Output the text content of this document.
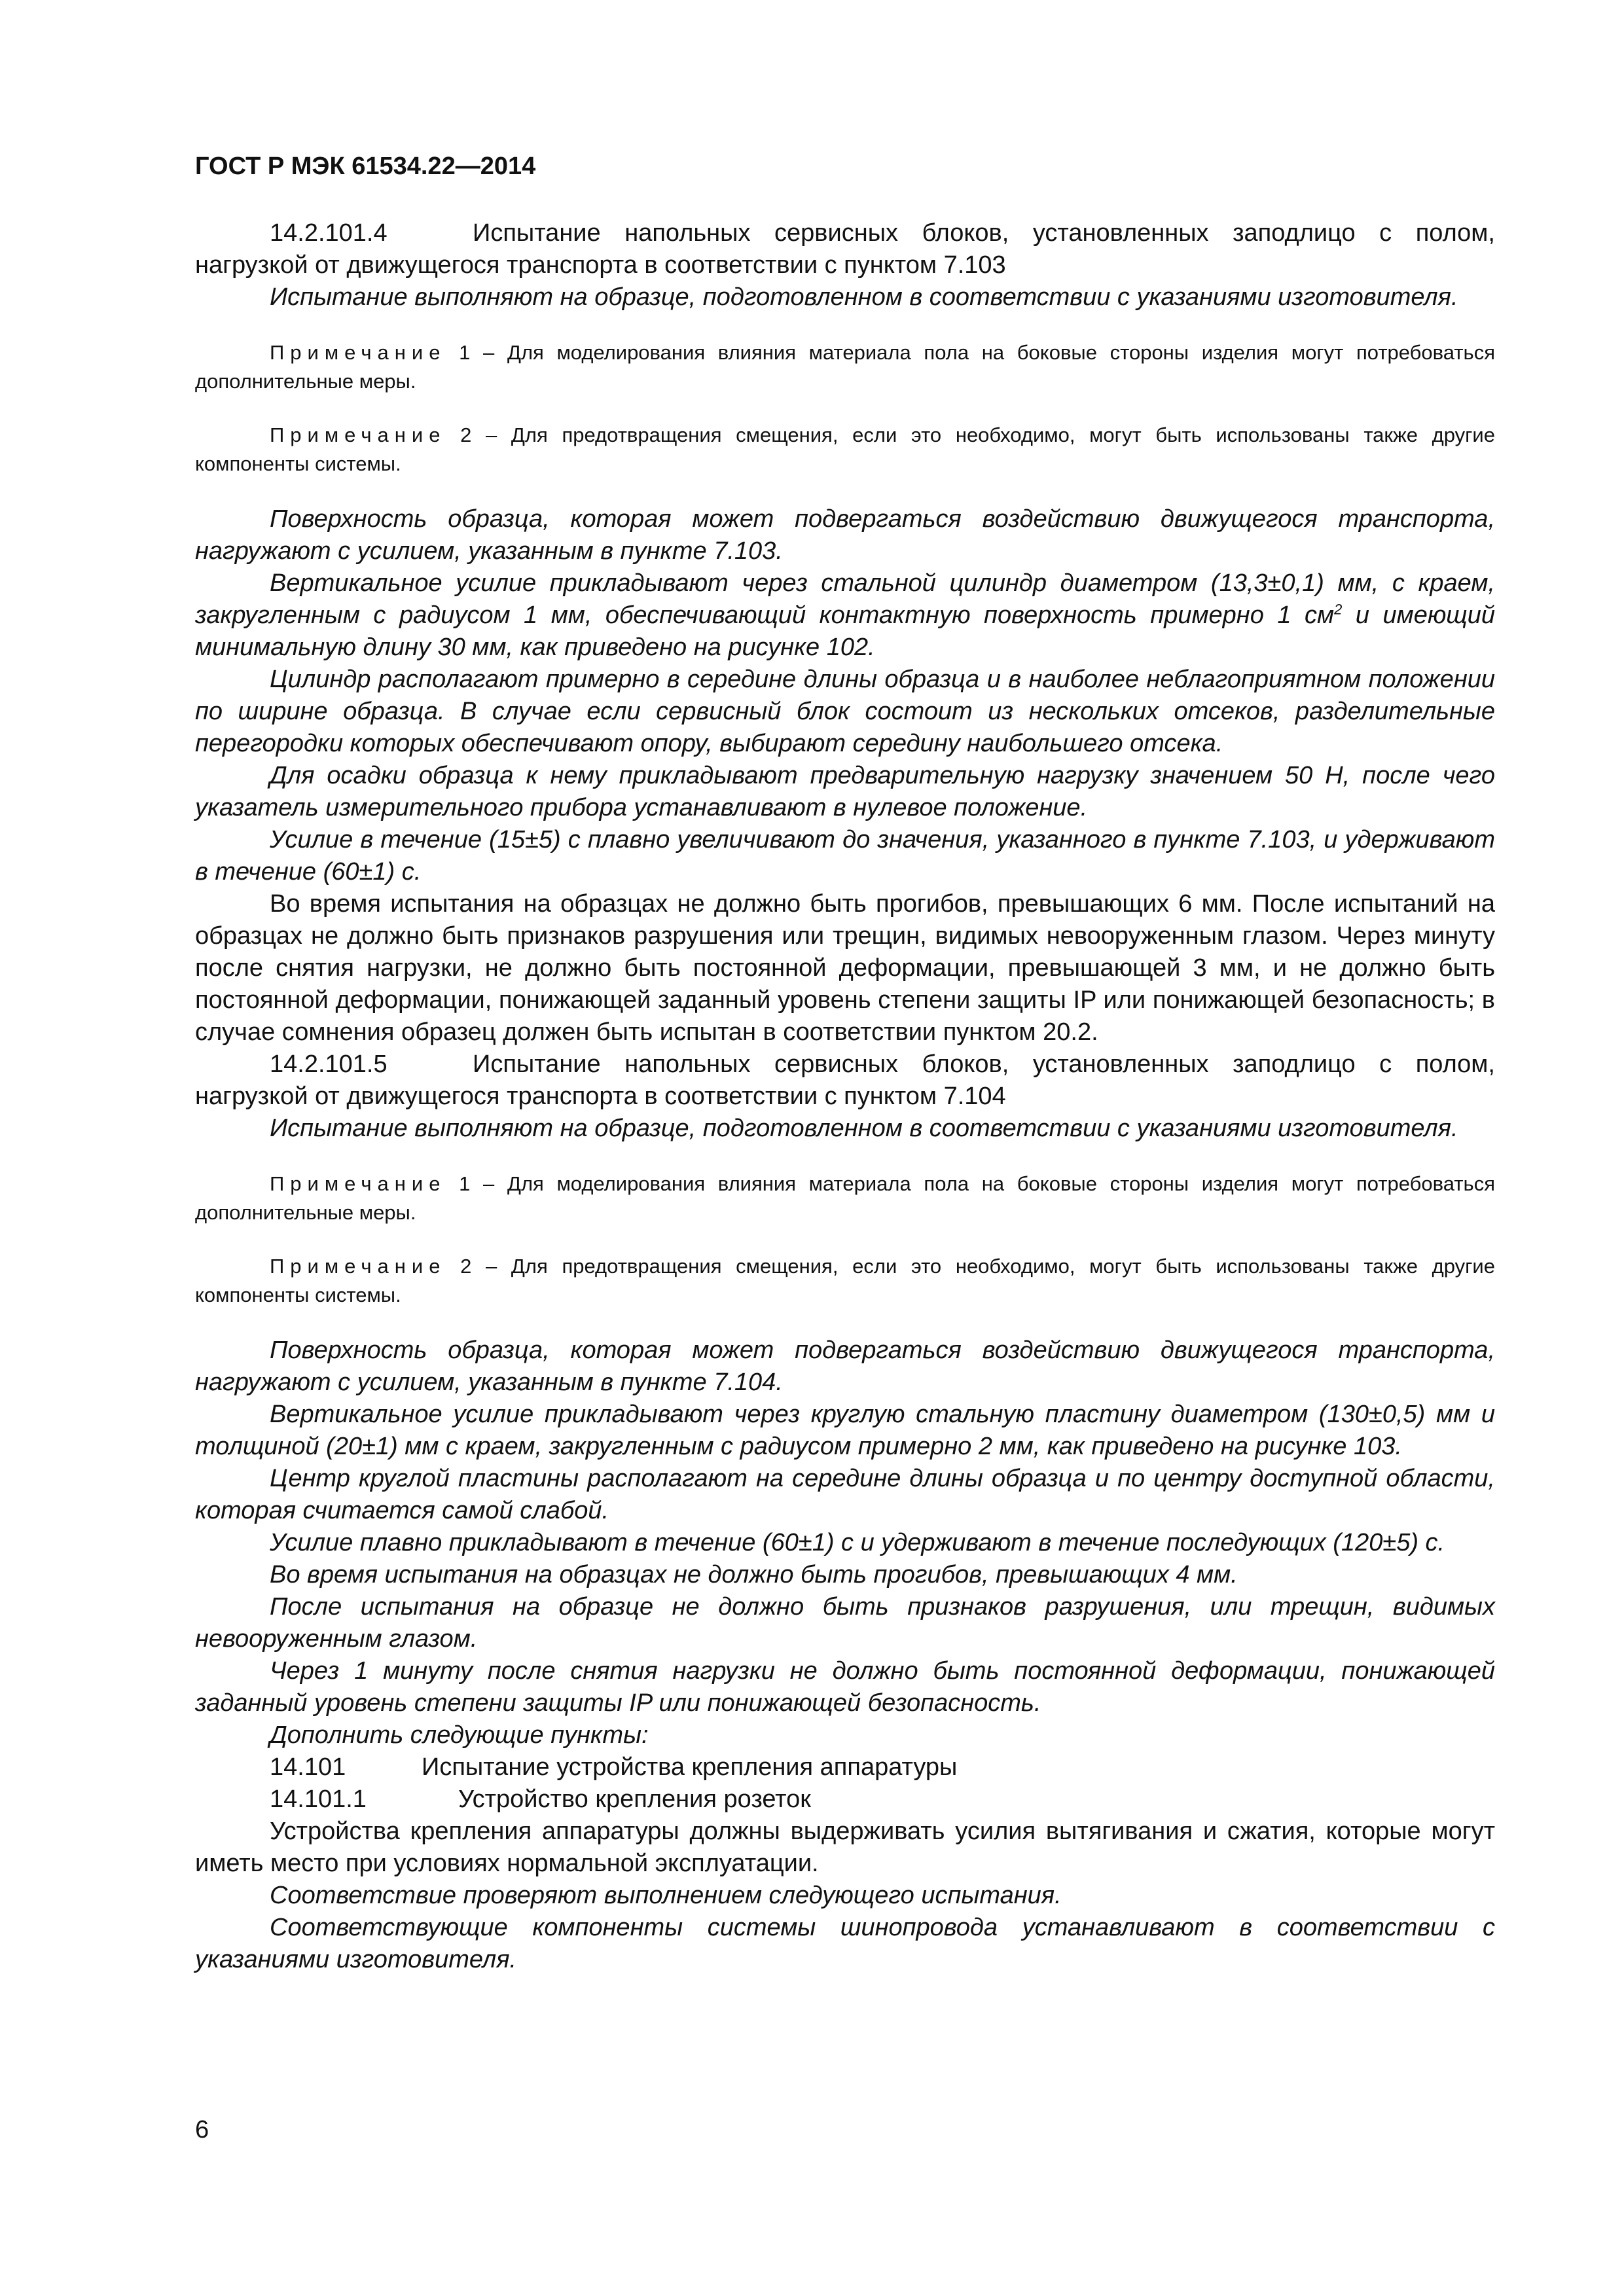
ГОСТ Р МЭК 61534.22—2014

14.2.101.4	Испытание напольных сервисных блоков, установленных заподлицо с полом, нагрузкой от движущегося транспорта в соответствии с пунктом 7.103

Испытание выполняют на образце, подготовленном в соответствии с указаниями изготовителя.

Примечание 1 – Для моделирования влияния материала пола на боковые стороны изделия могут потребоваться дополнительные меры.

Примечание 2 – Для предотвращения смещения, если это необходимо, могут быть использованы также другие компоненты системы.

Поверхность образца, которая может подвергаться воздействию движущегося транспорта, нагружают с усилием, указанным в пункте 7.103.

Вертикальное усилие прикладывают через стальной цилиндр диаметром (13,3±0,1) мм, с краем, закругленным с радиусом 1 мм, обеспечивающий контактную поверхность примерно 1 $см^2$ и имеющий минимальную длину 30 мм, как приведено на рисунке 102.

Цилиндр располагают примерно в середине длины образца и в наиболее неблагоприятном положении по ширине образца. В случае если сервисный блок состоит из нескольких отсеков, разделительные перегородки которых обеспечивают опору, выбирают середину наибольшего отсека.

Для осадки образца к нему прикладывают предварительную нагрузку значением 50 Н, после чего указатель измерительного прибора устанавливают в нулевое положение.

Усилие в течение (15±5) с плавно увеличивают до значения, указанного в пункте 7.103, и удерживают в течение (60±1) с.

Во время испытания на образцах не должно быть прогибов, превышающих 6 мм. После испытаний на образцах не должно быть признаков разрушения или трещин, видимых невооруженным глазом. Через минуту после снятия нагрузки, не должно быть постоянной деформации, превышающей 3 мм, и не должно быть постоянной деформации, понижающей заданный уровень степени защиты IP или понижающей безопасность; в случае сомнения образец должен быть испытан в соответствии пунктом 20.2.

14.2.101.5	Испытание напольных сервисных блоков, установленных заподлицо с полом, нагрузкой от движущегося транспорта в соответствии с пунктом 7.104

Испытание выполняют на образце, подготовленном в соответствии с указаниями изготовителя.

Примечание 1 – Для моделирования влияния материала пола на боковые стороны изделия могут потребоваться дополнительные меры.

Примечание 2 – Для предотвращения смещения, если это необходимо, могут быть использованы также другие компоненты системы.

Поверхность образца, которая может подвергаться воздействию движущегося транспорта, нагружают с усилием, указанным в пункте 7.104.

Вертикальное усилие прикладывают через круглую стальную пластину диаметром (130±0,5) мм и толщиной (20±1) мм с краем, закругленным с радиусом примерно 2 мм, как приведено на рисунке 103.

Центр круглой пластины располагают на середине длины образца и по центру доступной области, которая считается самой слабой.

Усилие плавно прикладывают в течение (60±1) с и удерживают в течение последующих (120±5) с.

Во время испытания на образцах не должно быть прогибов, превышающих 4 мм.

После испытания на образце не должно быть признаков разрушения, или трещин, видимых невооруженным глазом.

Через 1 минуту после снятия нагрузки не должно быть постоянной деформации, понижающей заданный уровень степени защиты IP или понижающей безопасность.

Дополнить следующие пункты:

14.101	Испытание устройства крепления аппаратуры

14.101.1	Устройство крепления розеток

Устройства крепления аппаратуры должны выдерживать усилия вытягивания и сжатия, которые могут иметь место при условиях нормальной эксплуатации.

Соответствие проверяют выполнением следующего испытания.

Соответствующие компоненты системы шинопровода устанавливают в соответствии с указаниями изготовителя.

6
